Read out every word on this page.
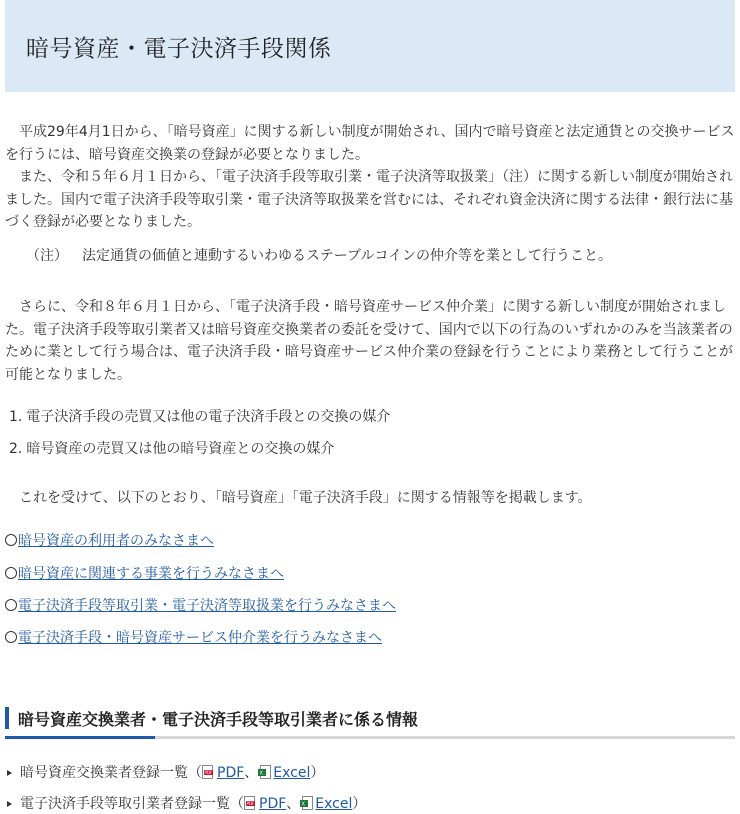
暗号資産・電子決済手段関係

平成29年4月1日から、「暗号資産」に関する新しい制度が開始され、国内で暗号資産と法定通貨との交換サービスを行うには、暗号資産交換業の登録が必要となりました。

また、令和５年６月１日から、「電子決済手段等取引業・電子決済等取扱業」（注）に関する新しい制度が開始されました。国内で電子決済手段等取引業・電子決済等取扱業を営むには、それぞれ資金決済に関する法律・銀行法に基づく登録が必要となりました。

（注） 法定通貨の価値と連動するいわゆるステーブルコインの仲介等を業として行うこと。

さらに、令和８年６月１日から、「電子決済手段・暗号資産サービス仲介業」に関する新しい制度が開始されました。電子決済手段等取引業者又は暗号資産交換業者の委託を受けて、国内で以下の行為のいずれかのみを当該業者のために業として行う場合は、電子決済手段・暗号資産サービス仲介業の登録を行うことにより業務として行うことが可能となりました。

1. 電子決済手段の売買又は他の電子決済手段との交換の媒介
2. 暗号資産の売買又は他の暗号資産との交換の媒介

これを受けて、以下のとおり、「暗号資産」「電子決済手段」に関する情報等を掲載します。

暗号資産の利用者のみなさまへ
暗号資産に関連する事業を行うみなさまへ
電子決済手段等取引業・電子決済等取扱業を行うみなさまへ
電子決済手段・暗号資産サービス仲介業を行うみなさまへ
暗号資産交換業者・電子決済手段等取引業者に係る情報
暗号資産交換業者登録一覧（ PDF PDF、 X Excel）
電子決済手段等取引業者登録一覧（ PDF PDF、 X Excel）
